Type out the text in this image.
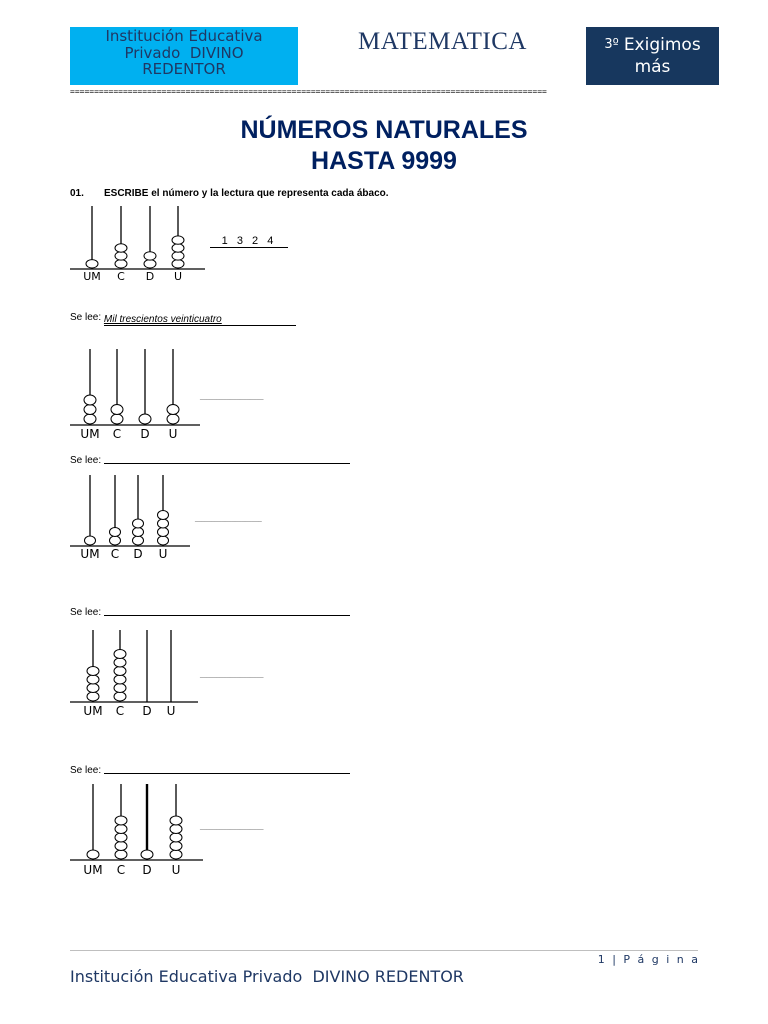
Institución Educativa
Privado  DIVINO
REDENTOR
MATEMATICA	3º Exigimos
más
===================================================================================================
NÚMEROS NATURALES
HASTA 9999
01. ESCRIBE el número y la lectura que representa cada ábaco.
UM C D U
1 3 2 4
Se lee: Mil trescientos veinticuatro
UM C D U
___________________
Se lee:
UM C D U
____________________
Se lee:
UM C D U
___________________
Se lee:
UM C D U
___________________
1 | P á g i n a
Institución Educativa Privado  DIVINO REDENTOR
